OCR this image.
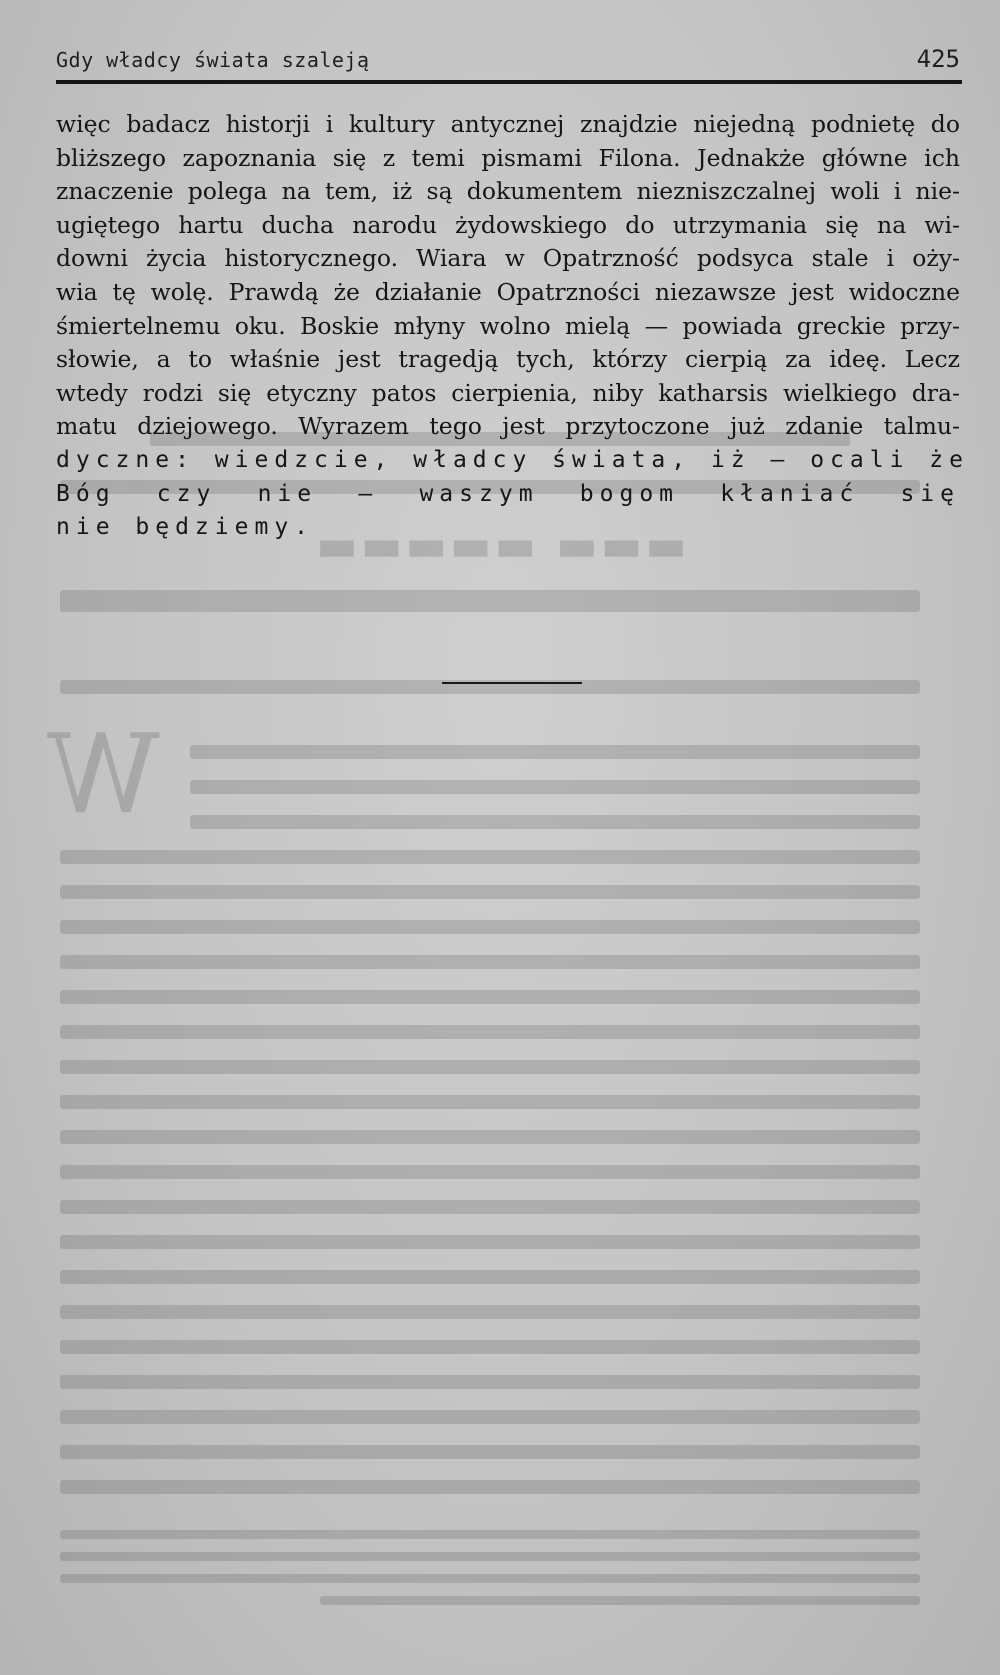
▬▬▬ ▬▬▬▬▬
W
Gdy władcy świata szaleją	425
więc badacz historji i kultury antycznej znajdzie niejedną podnietę do
bliższego zapoznania się z temi pismami Filona. Jednakże główne ich
znaczenie polega na tem, iż są dokumentem niezniszczalnej woli i nie-
ugiętego hartu ducha narodu żydowskiego do utrzymania się na wi-
downi życia historycznego. Wiara w Opatrzność podsyca stale i oży-
wia tę wolę. Prawdą że działanie Opatrzności niezawsze jest widoczne
śmiertelnemu oku. Boskie młyny wolno mielą — powiada greckie przy-
słowie, a to właśnie jest tragedją tych, którzy cierpią za ideę. Lecz
wtedy rodzi się etyczny patos cierpienia, niby katharsis wielkiego dra-
matu dziejowego. Wyrazem tego jest przytoczone już zdanie talmu-
dyczne: wiedzcie, władcy świata, iż — ocali że
Bóg czy nie — waszym bogom kłaniać się
nie będziemy.
